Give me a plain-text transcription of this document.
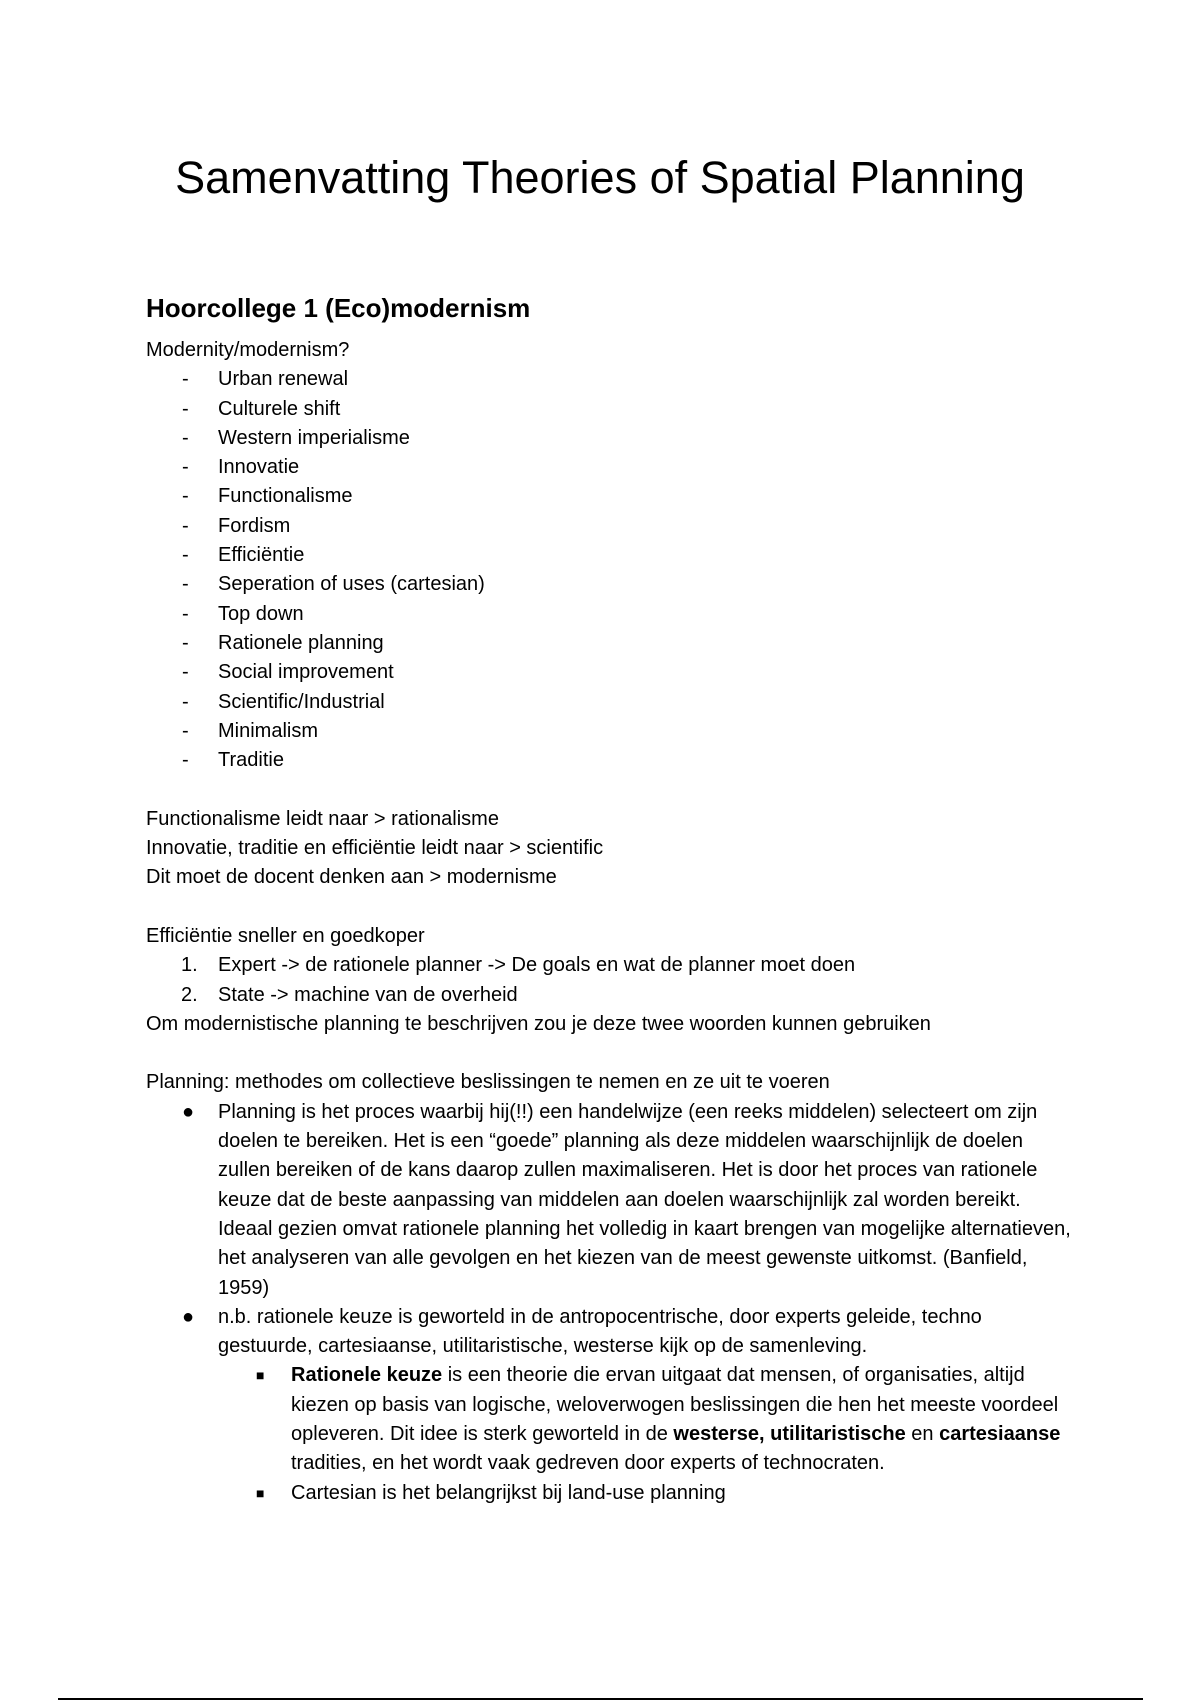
Samenvatting Theories of Spatial Planning
Hoorcollege 1 (Eco)modernism

Modernity/modernism?

-	Urban renewal
-	Culturele shift
-	Western imperialisme
-	Innovatie
-	Functionalisme
-	Fordism
-	Efficiëntie
-	Seperation of uses (cartesian)
-	Top down
-	Rationele planning
-	Social improvement
-	Scientific/Industrial
-	Minimalism
-	Traditie

Functionalisme leidt naar > rationalisme

Innovatie, traditie en efficiëntie leidt naar > scientific

Dit moet de docent denken aan > modernisme

Efficiëntie sneller en goedkoper

1.	Expert -> de rationele planner -> De goals en wat de planner moet doen
2.	State -> machine van de overheid

Om modernistische planning te beschrijven zou je deze twee woorden kunnen gebruiken

Planning: methodes om collectieve beslissingen te nemen en ze uit te voeren

●	Planning is het proces waarbij hij(!!) een handelwijze (een reeks middelen) selecteert om zijn doelen te bereiken. Het is een “goede” planning als deze middelen waarschijnlijk de doelen zullen bereiken of de kans daarop zullen maximaliseren. Het is door het proces van rationele keuze dat de beste aanpassing van middelen aan doelen waarschijnlijk zal worden bereikt. Ideaal gezien omvat rationele planning het volledig in kaart brengen van mogelijke alternatieven, het analyseren van alle gevolgen en het kiezen van de meest gewenste uitkomst. (Banfield, 1959)
●	n.b. rationele keuze is geworteld in de antropocentrische, door experts geleide, techno gestuurde, cartesiaanse, utilitaristische, westerse kijk op de samenleving.
■	Rationele keuze is een theorie die ervan uitgaat dat mensen, of organisaties, altijd kiezen op basis van logische, weloverwogen beslissingen die hen het meeste voordeel opleveren. Dit idee is sterk geworteld in de westerse, utilitaristische en cartesiaanse tradities, en het wordt vaak gedreven door experts of technocraten.
■	Cartesian is het belangrijkst bij land-use planning
